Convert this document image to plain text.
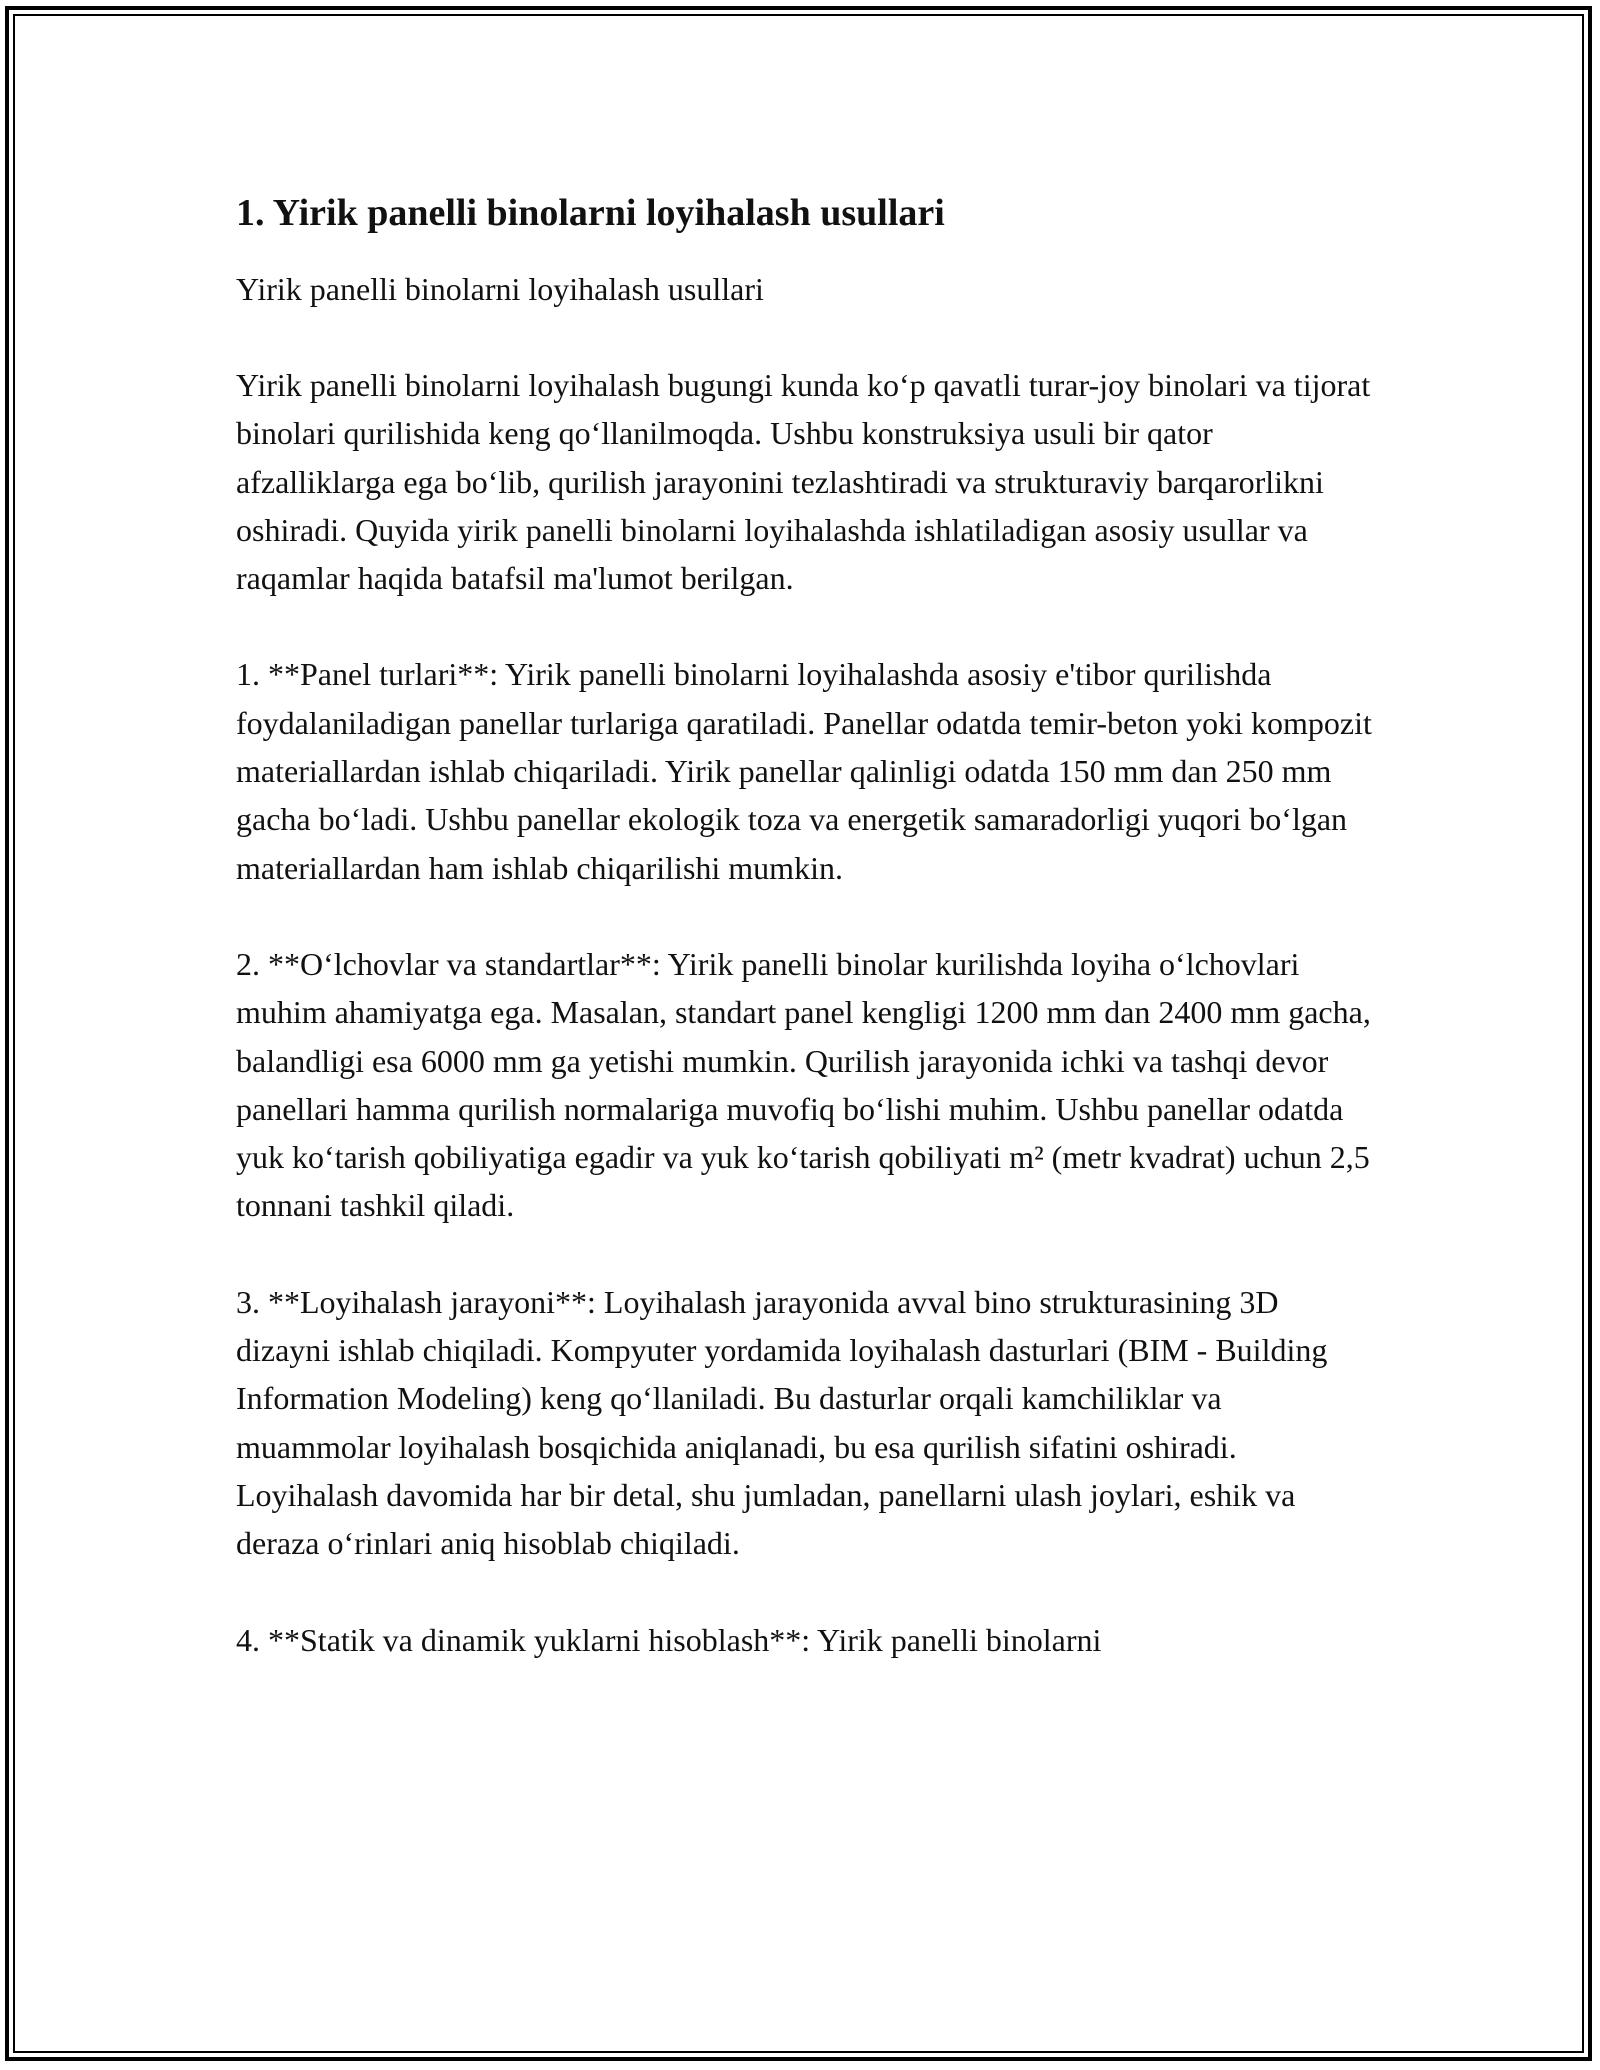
1. Yirik panelli binolarni loyihalash usullari

Yirik panelli binolarni loyihalash usullari

Yirik panelli binolarni loyihalash bugungi kunda ko‘p qavatli turar-joy binolari va tijorat binolari qurilishida keng qo‘llanilmoqda. Ushbu konstruksiya usuli bir qator afzalliklarga ega bo‘lib, qurilish jarayonini tezlashtiradi va strukturaviy barqarorlikni oshiradi. Quyida yirik panelli binolarni loyihalashda ishlatiladigan asosiy usullar va raqamlar haqida batafsil ma'lumot berilgan.

1. **Panel turlari**: Yirik panelli binolarni loyihalashda asosiy e'tibor qurilishda foydalaniladigan panellar turlariga qaratiladi. Panellar odatda temir-beton yoki kompozit materiallardan ishlab chiqariladi. Yirik panellar qalinligi odatda 150 mm dan 250 mm gacha bo‘ladi. Ushbu panellar ekologik toza va energetik samaradorligi yuqori bo‘lgan materiallardan ham ishlab chiqarilishi mumkin.

2. **O‘lchovlar va standartlar**: Yirik panelli binolar kurilishda loyiha o‘lchovlari muhim ahamiyatga ega. Masalan, standart panel kengligi 1200 mm dan 2400 mm gacha, balandligi esa 6000 mm ga yetishi mumkin. Qurilish jarayonida ichki va tashqi devor panellari hamma qurilish normalariga muvofiq bo‘lishi muhim. Ushbu panellar odatda yuk ko‘tarish qobiliyatiga egadir va yuk ko‘tarish qobiliyati m² (metr kvadrat) uchun 2,5 tonnani tashkil qiladi.

3. **Loyihalash jarayoni**: Loyihalash jarayonida avval bino strukturasining 3D dizayni ishlab chiqiladi. Kompyuter yordamida loyihalash dasturlari (BIM - Building Information Modeling) keng qo‘llaniladi. Bu dasturlar orqali kamchiliklar va muammolar loyihalash bosqichida aniqlanadi, bu esa qurilish sifatini oshiradi. Loyihalash davomida har bir detal, shu jumladan, panellarni ulash joylari, eshik va deraza o‘rinlari aniq hisoblab chiqiladi.

4. **Statik va dinamik yuklarni hisoblash**: Yirik panelli binolarni
